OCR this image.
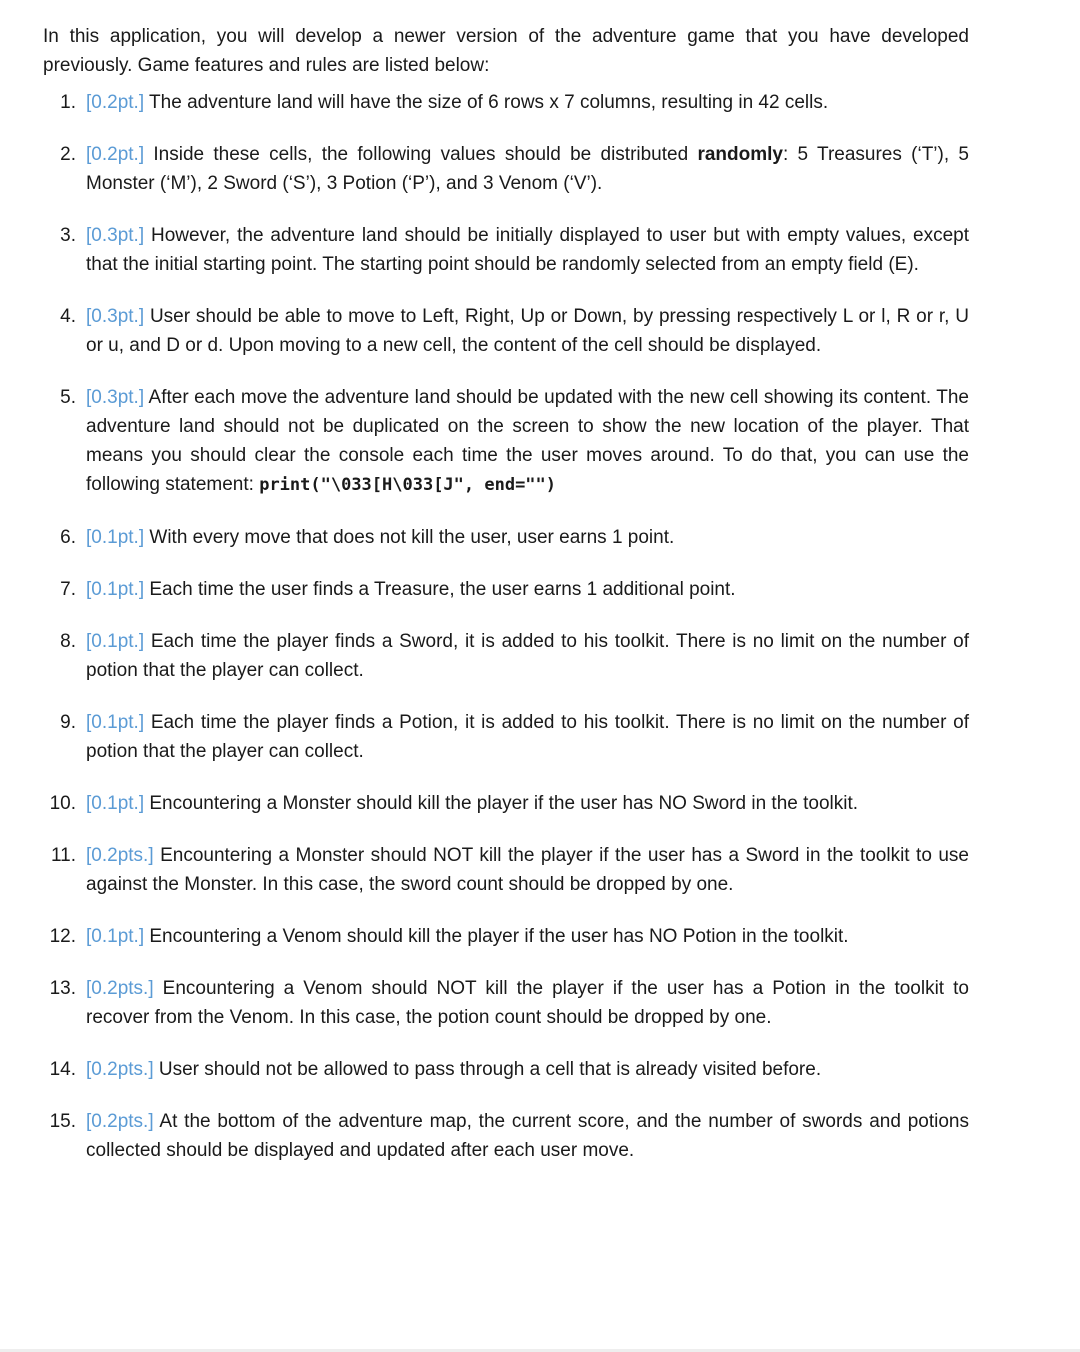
In this application, you will develop a newer version of the adventure game that you have developed previously. Game features and rules are listed below:

1. [0.2pt.] The adventure land will have the size of 6 rows x 7 columns, resulting in 42 cells.
2. [0.2pt.] Inside these cells, the following values should be distributed randomly: 5 Treasures (‘T’), 5 Monster (‘M’), 2 Sword (‘S’), 3 Potion (‘P’), and 3 Venom (‘V’).
3. [0.3pt.] However, the adventure land should be initially displayed to user but with empty values, except that the initial starting point. The starting point should be randomly selected from an empty field (E).
4. [0.3pt.] User should be able to move to Left, Right, Up or Down, by pressing respectively L or l, R or r, U or u, and D or d. Upon moving to a new cell, the content of the cell should be displayed.
5. [0.3pt.] After each move the adventure land should be updated with the new cell showing its content. The adventure land should not be duplicated on the screen to show the new location of the player. That means you should clear the console each time the user moves around. To do that, you can use the following statement: print("\033[H\033[J", end="")
6. [0.1pt.] With every move that does not kill the user, user earns 1 point.
7. [0.1pt.] Each time the user finds a Treasure, the user earns 1 additional point.
8. [0.1pt.] Each time the player finds a Sword, it is added to his toolkit. There is no limit on the number of potion that the player can collect.
9. [0.1pt.] Each time the player finds a Potion, it is added to his toolkit. There is no limit on the number of potion that the player can collect.
10. [0.1pt.] Encountering a Monster should kill the player if the user has NO Sword in the toolkit.
11. [0.2pts.] Encountering a Monster should NOT kill the player if the user has a Sword in the toolkit to use against the Monster. In this case, the sword count should be dropped by one.
12. [0.1pt.] Encountering a Venom should kill the player if the user has NO Potion in the toolkit.
13. [0.2pts.] Encountering a Venom should NOT kill the player if the user has a Potion in the toolkit to recover from the Venom. In this case, the potion count should be dropped by one.
14. [0.2pts.] User should not be allowed to pass through a cell that is already visited before.
15. [0.2pts.] At the bottom of the adventure map, the current score, and the number of swords and potions collected should be displayed and updated after each user move.
